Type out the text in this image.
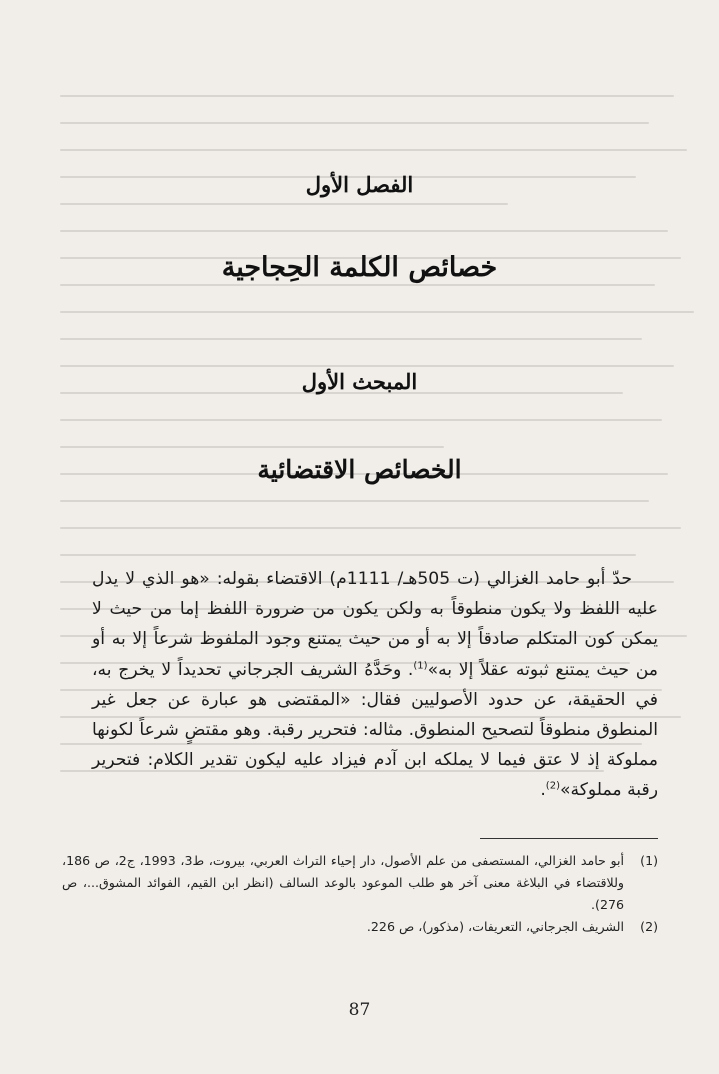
الفصل الأول
خصائص الكلمة الحِجاجية
المبحث الأول
الخصائص الاقتضائية

حدّ أبو حامد الغزالي (ت 505هـ/ 1111م) الاقتضاء بقوله: «هو الذي لا يدل عليه اللفظ ولا يكون منطوقاً به ولكن يكون من ضرورة اللفظ إما من حيث لا يمكن كون المتكلم صادقاً إلا به أو من حيث يمتنع وجود الملفوظ شرعاً إلا به أو من حيث يمتنع ثبوته عقلاً إلا به»$^{(1)}$. وحَدَّهُ الشريف الجرجاني تحديداً لا يخرج به، في الحقيقة، عن حدود الأصوليين فقال: «المقتضى هو عبارة عن جعل غير المنطوق منطوقاً لتصحيح المنطوق. مثاله: فتحرير رقبة. وهو مقتضٍ شرعاً لكونها مملوكة إذ لا عتق فيما لا يملكه ابن آدم فيزاد عليه ليكون تقدير الكلام: فتحرير رقبة مملوكة»$^{(2)}$.

(1)
أبو حامد الغزالي، المستصفى من علم الأصول، دار إحياء التراث العربي، بيروت، ط3، 1993، ج2، ص 186، وللاقتضاء في البلاغة معنى آخر هو طلب الموعود بالوعد السالف (انظر ابن القيم، الفوائد المشوق...، ص 276).
(2)
الشريف الجرجاني، التعريفات، (مذكور)، ص 226.
87
